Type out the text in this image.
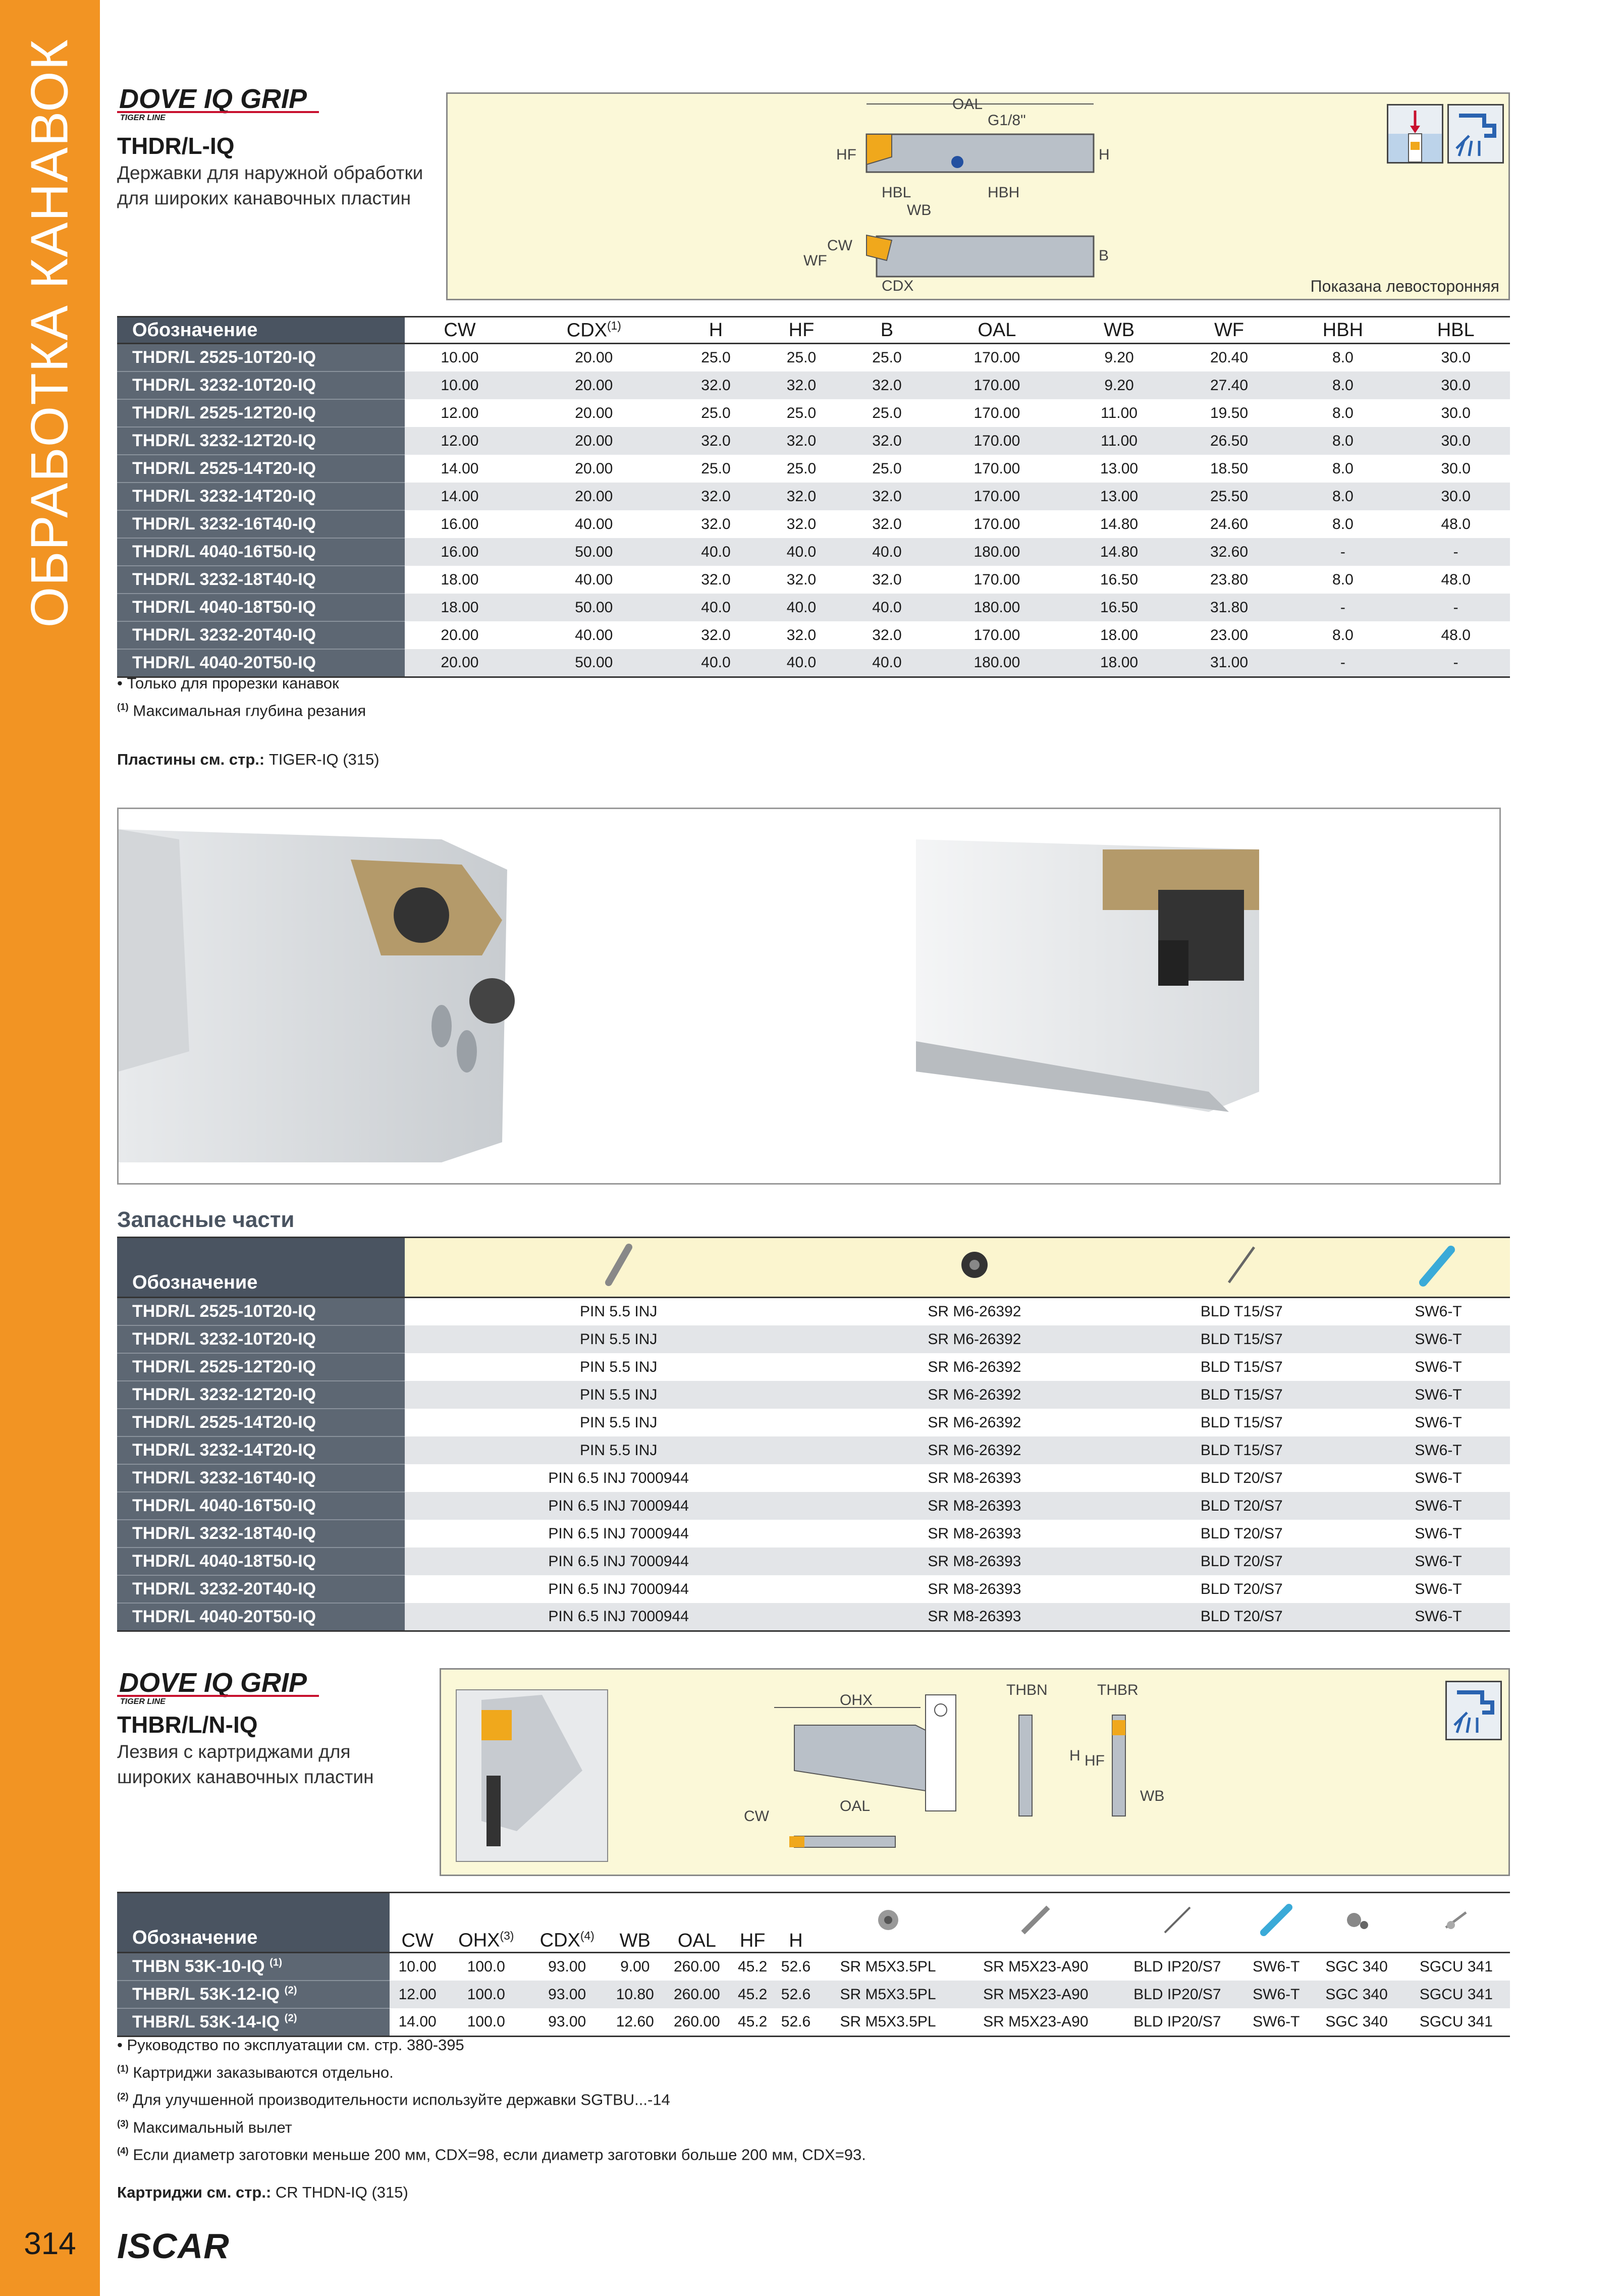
ОБРАБОТКА КАНАВОК
314	ISCAR
DOVE IQ GRIP
TIGER LINE
THDR/L-IQ
Державки для наружной обработки
для широких канавочных пластин
OAL
G1/8"
HF	H
HBL	HBH
WB
CW
WF
CDX
B
Показана левосторонняя
Обозначение	CW	CDX$^{(1)}$	H	HF	B	OAL	WB	WF	HBH	HBL
THDR/L 2525-10T20-IQ	10.00	20.00	25.0	25.0	25.0	170.00	9.20	20.40	8.0	30.0
THDR/L 3232-10T20-IQ	10.00	20.00	32.0	32.0	32.0	170.00	9.20	27.40	8.0	30.0
THDR/L 2525-12T20-IQ	12.00	20.00	25.0	25.0	25.0	170.00	11.00	19.50	8.0	30.0
THDR/L 3232-12T20-IQ	12.00	20.00	32.0	32.0	32.0	170.00	11.00	26.50	8.0	30.0
THDR/L 2525-14T20-IQ	14.00	20.00	25.0	25.0	25.0	170.00	13.00	18.50	8.0	30.0
THDR/L 3232-14T20-IQ	14.00	20.00	32.0	32.0	32.0	170.00	13.00	25.50	8.0	30.0
THDR/L 3232-16T40-IQ	16.00	40.00	32.0	32.0	32.0	170.00	14.80	24.60	8.0	48.0
THDR/L 4040-16T50-IQ	16.00	50.00	40.0	40.0	40.0	180.00	14.80	32.60	-	-
THDR/L 3232-18T40-IQ	18.00	40.00	32.0	32.0	32.0	170.00	16.50	23.80	8.0	48.0
THDR/L 4040-18T50-IQ	18.00	50.00	40.0	40.0	40.0	180.00	16.50	31.80	-	-
THDR/L 3232-20T40-IQ	20.00	40.00	32.0	32.0	32.0	170.00	18.00	23.00	8.0	48.0
THDR/L 4040-20T50-IQ	20.00	50.00	40.0	40.0	40.0	180.00	18.00	31.00	-	-
• Только для прорезки канавок
$^{(1)}$ Максимальная глубина резания
Пластины см. стр.: TIGER-IQ (315)
Запасные части
Обозначение				
THDR/L 2525-10T20-IQ	PIN 5.5 INJ	SR M6-26392	BLD T15/S7	SW6-T
THDR/L 3232-10T20-IQ	PIN 5.5 INJ	SR M6-26392	BLD T15/S7	SW6-T
THDR/L 2525-12T20-IQ	PIN 5.5 INJ	SR M6-26392	BLD T15/S7	SW6-T
THDR/L 3232-12T20-IQ	PIN 5.5 INJ	SR M6-26392	BLD T15/S7	SW6-T
THDR/L 2525-14T20-IQ	PIN 5.5 INJ	SR M6-26392	BLD T15/S7	SW6-T
THDR/L 3232-14T20-IQ	PIN 5.5 INJ	SR M6-26392	BLD T15/S7	SW6-T
THDR/L 3232-16T40-IQ	PIN 6.5 INJ 7000944	SR M8-26393	BLD T20/S7	SW6-T
THDR/L 4040-16T50-IQ	PIN 6.5 INJ 7000944	SR M8-26393	BLD T20/S7	SW6-T
THDR/L 3232-18T40-IQ	PIN 6.5 INJ 7000944	SR M8-26393	BLD T20/S7	SW6-T
THDR/L 4040-18T50-IQ	PIN 6.5 INJ 7000944	SR M8-26393	BLD T20/S7	SW6-T
THDR/L 3232-20T40-IQ	PIN 6.5 INJ 7000944	SR M8-26393	BLD T20/S7	SW6-T
THDR/L 4040-20T50-IQ	PIN 6.5 INJ 7000944	SR M8-26393	BLD T20/S7	SW6-T
DOVE IQ GRIP
TIGER LINE
THBR/L/N-IQ
Лезвия с картриджами для
широких канавочных пластин
OHX
OAL
CW
THBN	THBR
H HF
WB
Обозначение	CW	OHX$^{(3)}$	CDX$^{(4)}$	WB	OAL	HF	H						
THBN 53K-10-IQ $^{(1)}$	10.00	100.0	93.00	9.00	260.00	45.2	52.6	SR M5X3.5PL	SR M5X23-A90	BLD IP20/S7	SW6-T	SGC 340	SGCU 341
THBR/L 53K-12-IQ $^{(2)}$	12.00	100.0	93.00	10.80	260.00	45.2	52.6	SR M5X3.5PL	SR M5X23-A90	BLD IP20/S7	SW6-T	SGC 340	SGCU 341
THBR/L 53K-14-IQ $^{(2)}$	14.00	100.0	93.00	12.60	260.00	45.2	52.6	SR M5X3.5PL	SR M5X23-A90	BLD IP20/S7	SW6-T	SGC 340	SGCU 341
• Руководство по эксплуатации см. стр. 380-395
$^{(1)}$ Картриджи заказываются отдельно.
$^{(2)}$ Для улучшенной производительности используйте державки SGTBU...-14
$^{(3)}$ Максимальный вылет
$^{(4)}$ Если диаметр заготовки меньше 200 мм, CDX=98, если диаметр заготовки больше 200 мм, CDX=93.
Картриджи см. стр.: CR THDN-IQ (315)
